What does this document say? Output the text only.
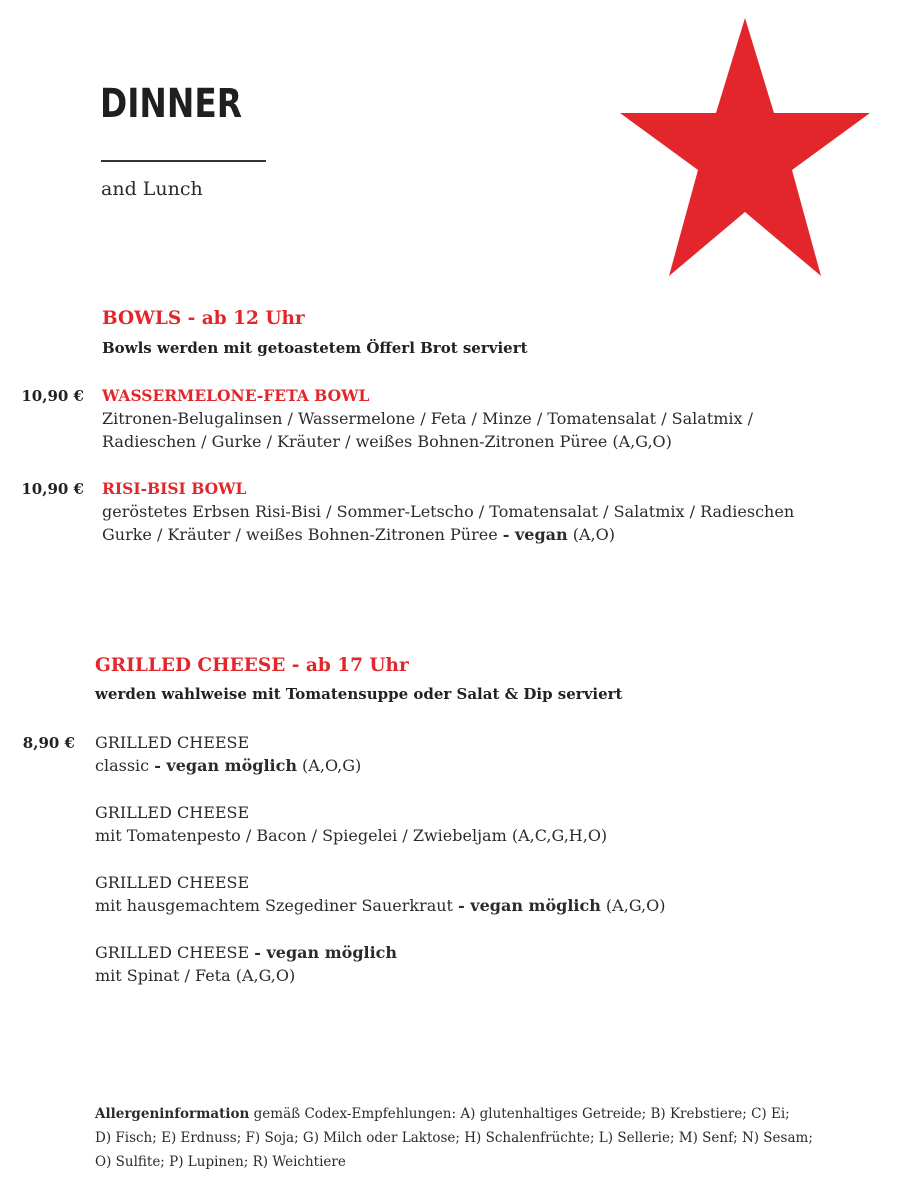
DINNER
and Lunch
BOWLS - ab 12 Uhr
Bowls werden mit getoastetem Öfferl Brot serviert
10,90 € WASSERMELONE-FETA BOWL
Zitronen-Belugalinsen / Wassermelone / Feta / Minze / Tomatensalat / Salatmix /
Radieschen / Gurke / Kräuter / weißes Bohnen-Zitronen Püree (A,G,O)
10,90 € RISI-BISI BOWL
geröstetes Erbsen Risi-Bisi / Sommer-Letscho / Tomatensalat / Salatmix / Radieschen
Gurke / Kräuter / weißes Bohnen-Zitronen Püree - vegan (A,O)
GRILLED CHEESE - ab 17 Uhr
werden wahlweise mit Tomatensuppe oder Salat & Dip serviert
8,90 € GRILLED CHEESE
classic - vegan möglich (A,O,G)
GRILLED CHEESE
mit Tomatenpesto / Bacon / Spiegelei / Zwiebeljam (A,C,G,H,O)
GRILLED CHEESE
mit hausgemachtem Szegediner Sauerkraut - vegan möglich (A,G,O)
GRILLED CHEESE - vegan möglich
mit Spinat / Feta (A,G,O)
Allergeninformation gemäß Codex-Empfehlungen: A) glutenhaltiges Getreide; B) Krebstiere; C) Ei;
D) Fisch; E) Erdnuss; F) Soja; G) Milch oder Laktose; H) Schalenfrüchte; L) Sellerie; M) Senf; N) Sesam;
O) Sulfite; P) Lupinen; R) Weichtiere
